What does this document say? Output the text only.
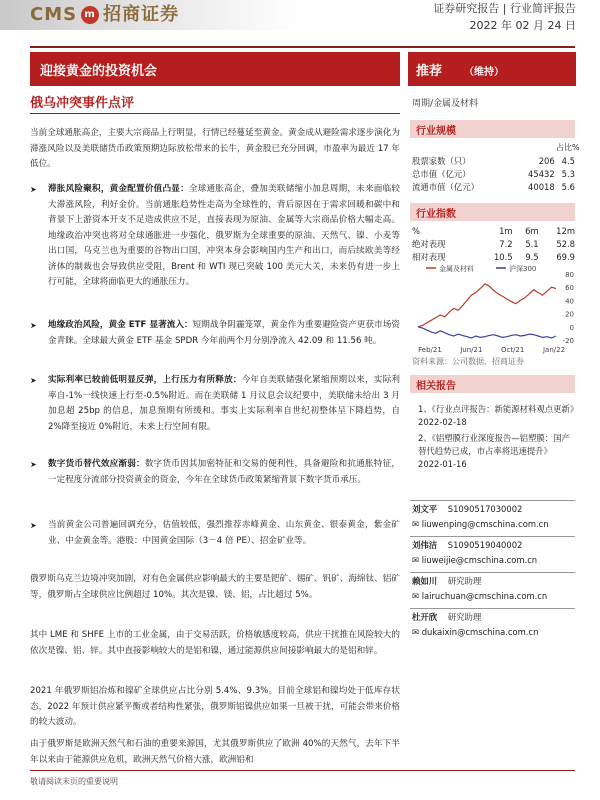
CMS m 招商证券	证券研究报告 | 行业简评报告
2022 年 02 月 24 日
迎接黄金的投资机会	推荐 （维持）
俄乌冲突事件点评	周期/金属及材料
当前全球通胀高企，主要大宗商品上行明显，行情已经蔓延至黄金。黄金成从避险需求逐步演化为滞涨风险以及美联储货币政策预期边际放松带来的长牛，黄金股已充分回调，市盈率为最近 17 年低位。
➤ 滞胀风险聚积，黄金配置价值凸显：全球通胀高企，叠加美联储缩小加息周期，未来面临较大滞涨风险，利好金价。当前通胀趋势性走高为全球性的，背后原因在于需求回暖和碳中和背景下上游资本开支不足造成供应不足，直接表现为原油、金属等大宗商品价格大幅走高。地缘政治冲突也将对全球通胀进一步强化，俄罗斯为全球重要的原油、天然气、镍、小麦等出口国，乌克兰也为重要的谷物出口国，冲突本身会影响国内生产和出口，而后续欧美等经济体的制裁也会导致供应受阻，Brent 和 WTI 现已突破 100 美元大关，未来仍有进一步上行可能，全球将面临更大的通胀压力。
➤ 地缘政治风险，黄金 ETF 显著流入：短期战争阴霾笼罩，黄金作为重要避险资产更获市场资金青睐。全球最大黄金 ETF 基金 SPDR 今年前两个月分别净流入 42.09 和 11.56 吨。
➤ 实际利率已较前低明显反弹，上行压力有所释放：今年自美联储强化紧缩预期以来，实际利率自-1%一线快速上行至-0.5%附近。而在美联储 1 月议息会议纪要中，美联储未给出 3 月加息超 25bp 的信息，加息预期有所缓和。事实上实际利率自世纪初整体呈下降趋势，自 2%降至接近 0%附近，未来上行空间有限。
➤ 数字货币替代效应渐弱：数字货币因其加密特征和交易的便利性，具备避险和抗通胀特征，一定程度分流部分投资黄金的资金，今年在全球货币政策紧缩背景下数字货币承压。
➤ 当前黄金公司普遍回调充分，估值较低，强烈推荐赤峰黄金、山东黄金、银泰黄金，紫金矿业、中金黄金等。港股：中国黄金国际（3－4 倍 PE）、招金矿业等。
俄罗斯乌克兰边境冲突加剧，对有色金属供应影响最大的主要是钯矿、锡矿、钒矿、海绵钛、铝矿等，俄罗斯占全球供应比例超过 10%。其次是镍、镁、铝，占比超过 5%。
其中 LME 和 SHFE 上市的工业金属，由于交易活跃，价格敏感度较高，供应干扰推在风险较大的依次是镍、铝、锌。其中直接影响较大的是铝和镍，通过能源供应间接影响最大的是铝和锌。
2021 年俄罗斯铝冶炼和镍矿全球供应占比分别 5.4%、9.3%。目前全球铝和镍均处于低库存状态，2022 年预计供应紧平衡或者结构性紧张，俄罗斯铝镍供应如果一旦被干扰，可能会带来价格的较大波动。
由于俄罗斯是欧洲天然气和石油的重要来源国，尤其俄罗斯供应了欧洲 40%的天然气，去年下半年以来由于能源供应危机，欧洲天然气价格大涨，欧洲铝和
行业规模
占比%
股票家数（只）	206	4.5
总市值（亿元）	45432	5.3
流通市值（亿元）	40018	5.6
行业指数
%	1m	6m	12m
绝对表现	7.2	5.1	52.8
相对表现	10.5	9.5	69.9
80
60
40
20
0
-20
Feb/21	Jun/21	Oct/21	Jan/22
金属及材料	沪深300
资料来源：公司数据、招商证券
相关报告
1、《行业点评报告：新能源材料观点更新》2022-02-18
2、《铝塑膜行业深度报告—铝塑膜：国产替代趋势已成，市占率将迅速提升》2022-01-16
刘文平 S1090517030002
✉ liuwenping@cmschina.com.cn
刘伟洁 S1090519040002
✉ liuweijie@cmschina.com.cn
赖如川 研究助理
✉ lairuchuan@cmschina.com.cn
杜开欣 研究助理
✉ dukaixin@cmschina.com.cn
敬请阅读末页的重要说明
